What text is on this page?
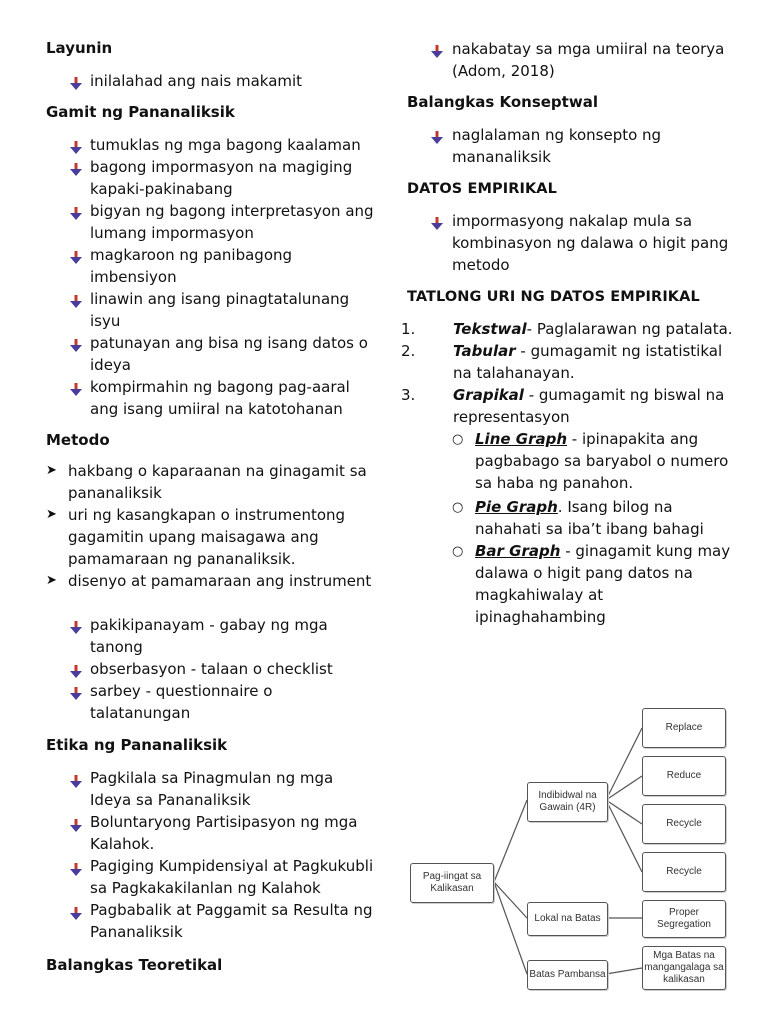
Layunin
inilalahad ang nais makamit
Gamit ng Pananaliksik
tumuklas ng mga bagong kaalaman
bagong impormasyon na magiging
kapaki-pakinabang
bigyan ng bagong interpretasyon ang
lumang impormasyon
magkaroon ng panibagong
imbensiyon
linawin ang isang pinagtatalunang
isyu
patunayan ang bisa ng isang datos o
ideya
kompirmahin ng bagong pag-aaral
ang isang umiiral na katotohanan
Metodo
➤ hakbang o kaparaanan na ginagamit sa
pananaliksik
➤ uri ng kasangkapan o instrumentong
gagamitin upang maisagawa ang
pamamaraan ng pananaliksik.
➤ disenyo at pamamaraan ang instrument
pakikipanayam - gabay ng mga
tanong
obserbasyon - talaan o checklist
sarbey - questionnaire o
talatanungan
Etika ng Pananaliksik
Pagkilala sa Pinagmulan ng mga
Ideya sa Pananaliksik
Boluntaryong Partisipasyon ng mga
Kalahok.
Pagiging Kumpidensiyal at Pagkukubli
sa Pagkakakilanlan ng Kalahok
Pagbabalik at Paggamit sa Resulta ng
Pananaliksik
Balangkas Teoretikal
nakabatay sa mga umiiral na teorya
(Adom, 2018)
Balangkas Konseptwal
naglalaman ng konsepto ng
mananaliksik
DATOS EMPIRIKAL
impormasyong nakalap mula sa
kombinasyon ng dalawa o higit pang
metodo
TATLONG URI NG DATOS EMPIRIKAL
1.	Tekstwal- Paglalarawan ng patalata.
2.	Tabular - gumagamit ng istatistikal
na talahanayan.
3.	Grapikal - gumagamit ng biswal na
representasyon
○ Line Graph - ipinapakita ang
pagbabago sa baryabol o numero
sa haba ng panahon.
○ Pie Graph. Isang bilog na
nahahati sa iba’t ibang bahagi
○ Bar Graph - ginagamit kung may
dalawa o higit pang datos na
magkahiwalay at
ipinaghahambing
Pag-iingat sa Kalikasan
Indibidwal na Gawain (4R)
Lokal na Batas
Batas Pambansa
Replace
Reduce
Recycle
Recycle
Proper Segregation
Mga Batas na mangangalaga sa kalikasan
